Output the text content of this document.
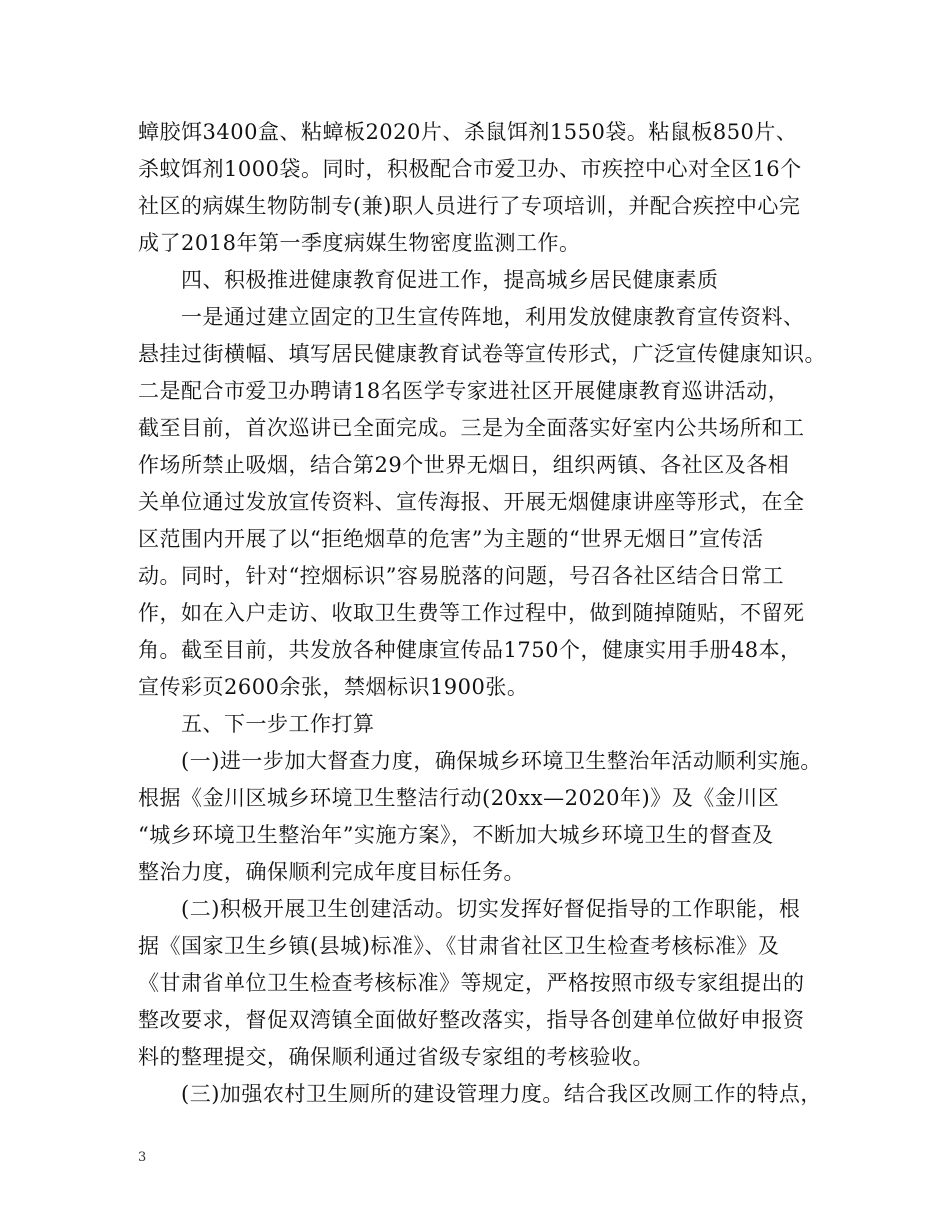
蟑胶饵3400盒、粘蟑板2020片、杀鼠饵剂1550袋。粘鼠板850片、
杀蚊饵剂1000袋。同时，积极配合市爱卫办、市疾控中心对全区16个
社区的病媒生物防制专(兼)职人员进行了专项培训，并配合疾控中心完
成了2018年第一季度病媒生物密度监测工作。
　　四、积极推进健康教育促进工作，提高城乡居民健康素质
　　一是通过建立固定的卫生宣传阵地，利用发放健康教育宣传资料、
悬挂过街横幅、填写居民健康教育试卷等宣传形式，广泛宣传健康知识。
二是配合市爱卫办聘请18名医学专家进社区开展健康教育巡讲活动，
截至目前，首次巡讲已全面完成。三是为全面落实好室内公共场所和工
作场所禁止吸烟，结合第29个世界无烟日，组织两镇、各社区及各相
关单位通过发放宣传资料、宣传海报、开展无烟健康讲座等形式，在全
区范围内开展了以“拒绝烟草的危害”为主题的“世界无烟日”宣传活
动。同时，针对“控烟标识”容易脱落的问题，号召各社区结合日常工
作，如在入户走访、收取卫生费等工作过程中，做到随掉随贴，不留死
角。截至目前，共发放各种健康宣传品1750个，健康实用手册48本，
宣传彩页2600余张，禁烟标识1900张。
　　五、下一步工作打算
　　(一)进一步加大督查力度，确保城乡环境卫生整治年活动顺利实施。
根据《金川区城乡环境卫生整洁行动(20xx—2020年)》及《金川区
“城乡环境卫生整治年”实施方案》，不断加大城乡环境卫生的督查及
整治力度，确保顺利完成年度目标任务。
　　(二)积极开展卫生创建活动。切实发挥好督促指导的工作职能，根
据《国家卫生乡镇(县城)标准》、《甘肃省社区卫生检查考核标准》及
《甘肃省单位卫生检查考核标准》等规定，严格按照市级专家组提出的
整改要求，督促双湾镇全面做好整改落实，指导各创建单位做好申报资
料的整理提交，确保顺利通过省级专家组的考核验收。
　　(三)加强农村卫生厕所的建设管理力度。结合我区改厕工作的特点，
3
